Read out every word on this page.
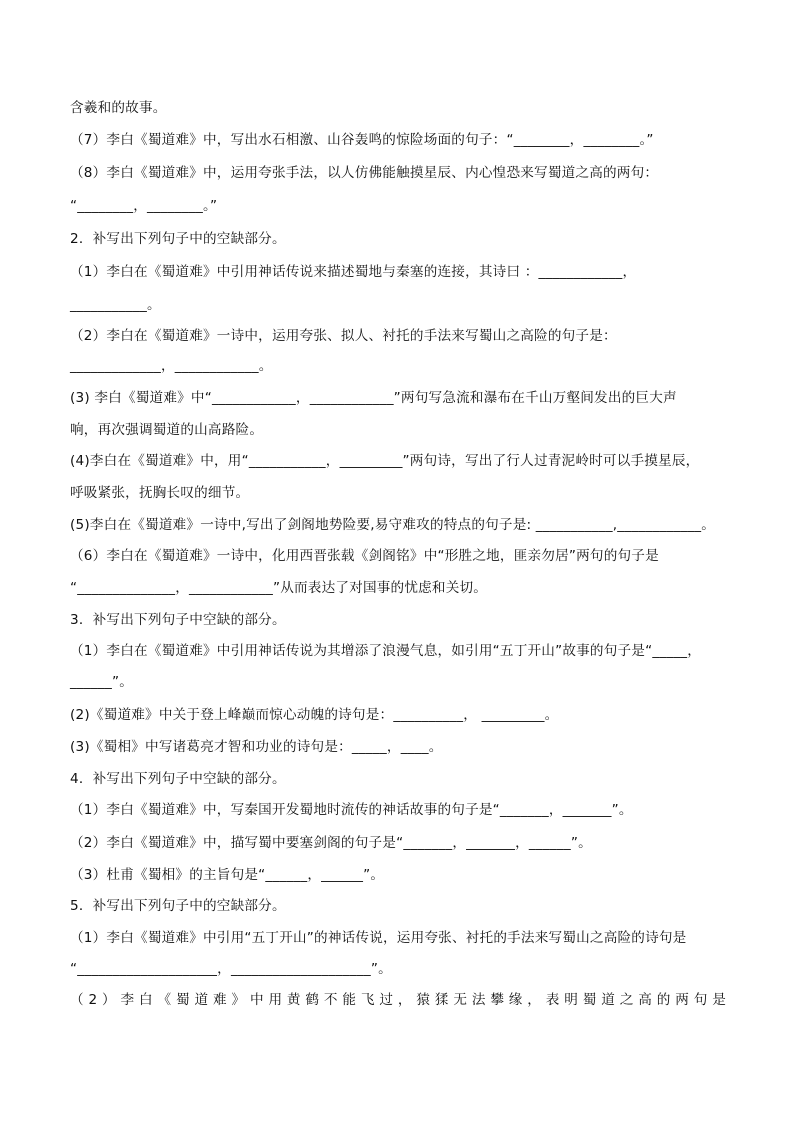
含羲和的故事。
（7）李白《蜀道难》中，写出水石相激、山谷轰鸣的惊险场面的句子：“________，________。”
（8）李白《蜀道难》中，运用夸张手法，以人仿佛能触摸星辰、内心惶恐来写蜀道之高的两句：
“________，________。”
2．补写出下列句子中的空缺部分。
（1）李白在《蜀道难》中引用神话传说来描述蜀地与秦塞的连接，其诗曰 ：____________，
___________。
（2）李白在《蜀道难》一诗中，运用夸张、拟人、衬托的手法来写蜀山之高险的句子是：
_____________，____________。
(3) 李白《蜀道难》中“____________，____________”两句写急流和瀑布在千山万壑间发出的巨大声
响，再次强调蜀道的山高路险。
(4)李白在《蜀道难》中，用“___________，_________”两句诗，写出了行人过青泥岭时可以手摸星辰，
呼吸紧张，抚胸长叹的细节。
(5)李白在《蜀道难》一诗中,写出了剑阁地势险要,易守难攻的特点的句子是: ___________,____________。
（6）李白在《蜀道难》一诗中，化用西晋张载《剑阁铭》中“形胜之地，匪亲勿居”两句的句子是
“______________，____________”从而表达了对国事的忧虑和关切。
3．补写出下列句子中空缺的部分。
（1）李白在《蜀道难》中引用神话传说为其增添了浪漫气息，如引用“五丁开山”故事的句子是“_____，
______”。
(2)《蜀道难》中关于登上峰巅而惊心动魄的诗句是：__________， _________。
(3)《蜀相》中写诸葛亮才智和功业的诗句是：_____，____。
4．补写出下列句子中空缺的部分。
（1）李白《蜀道难》中，写秦国开发蜀地时流传的神话故事的句子是“_______，_______”。
（2）李白《蜀道难》中，描写蜀中要塞剑阁的句子是“_______，_______，______”。
（3）杜甫《蜀相》的主旨句是“______，______”。
5．补写出下列句子中的空缺部分。
（1）李白《蜀道难》中引用“五丁开山”的神话传说，运用夸张、衬托的手法来写蜀山之高险的诗句是
“____________________，____________________”。
（2）李白《蜀道难》中用黄鹤不能飞过，猿猱无法攀缘，表明蜀道之高的两句是
